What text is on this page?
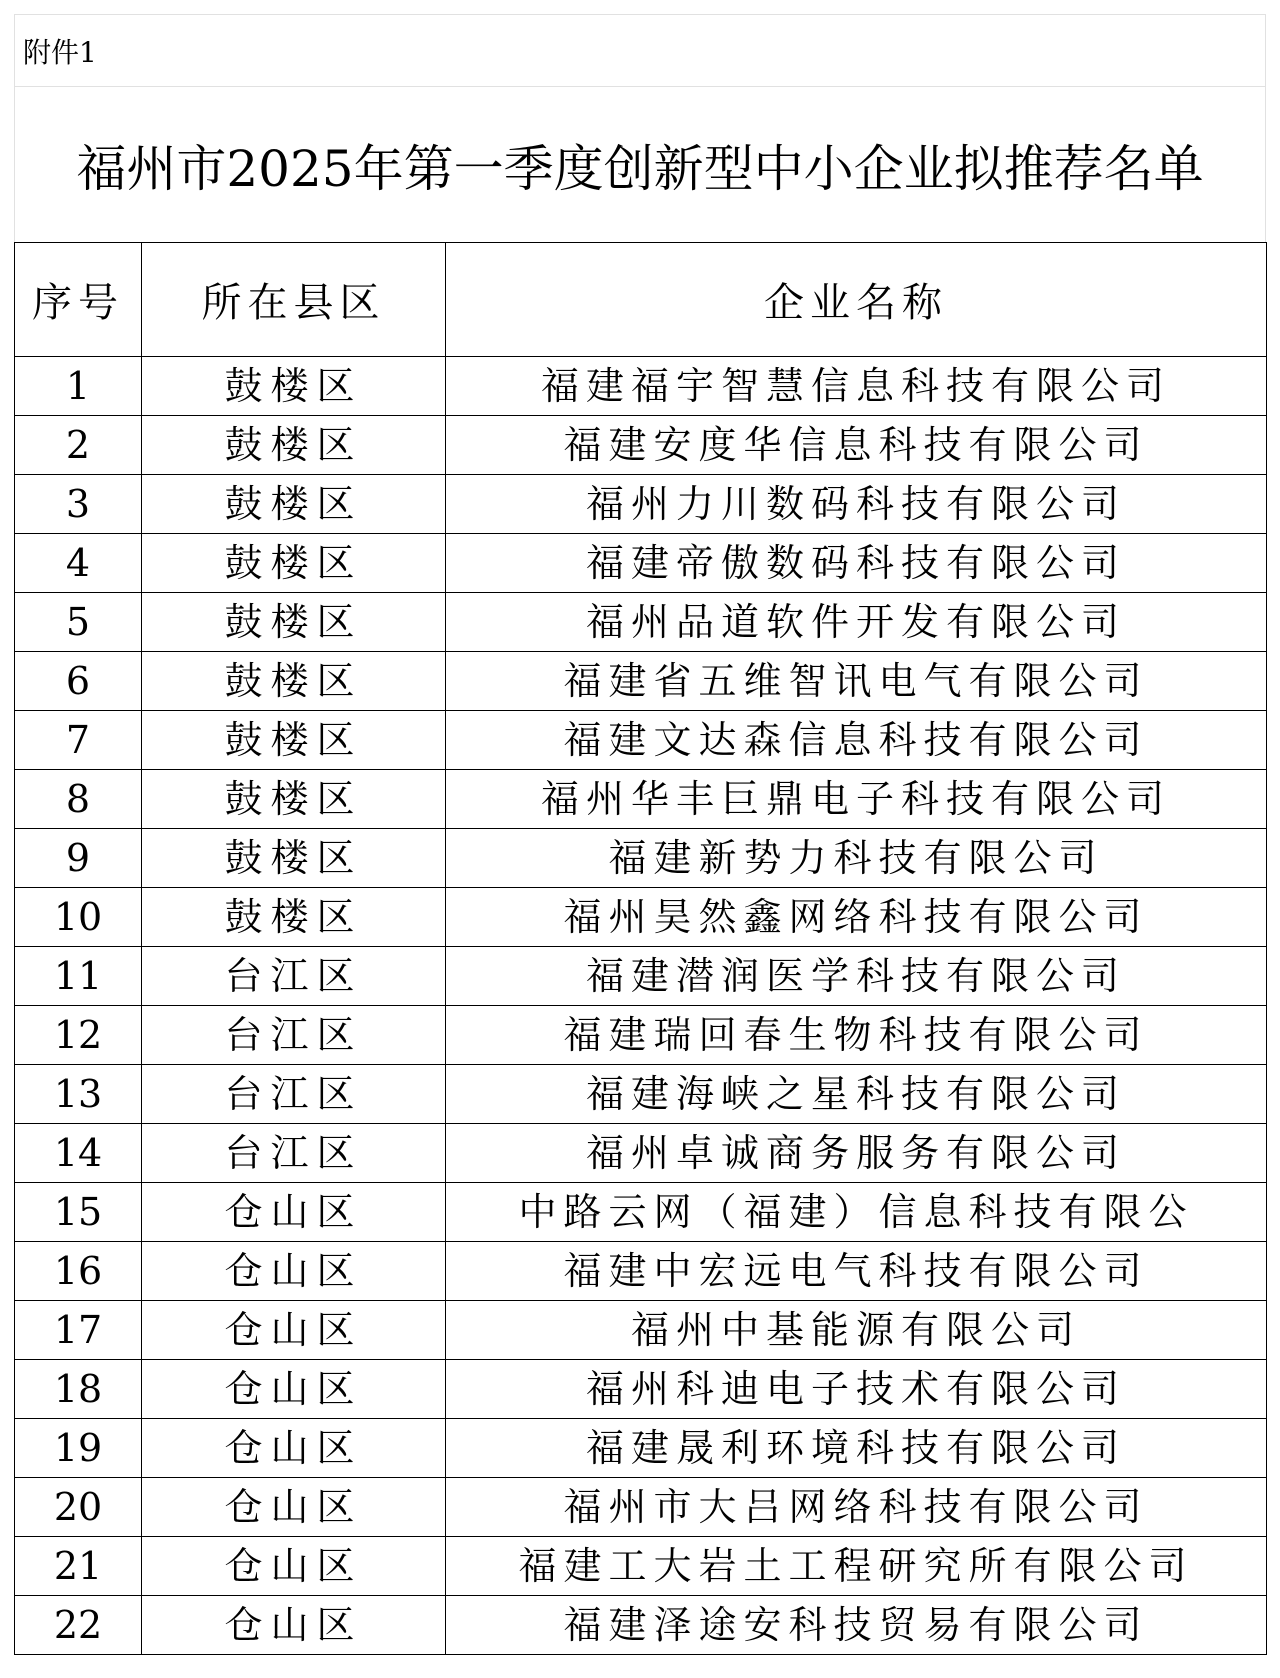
附件1
福州市2025年第一季度创新型中小企业拟推荐名单
序号	所在县区	企业名称
1	鼓楼区	福建福宇智慧信息科技有限公司
2	鼓楼区	福建安度华信息科技有限公司
3	鼓楼区	福州力川数码科技有限公司
4	鼓楼区	福建帝傲数码科技有限公司
5	鼓楼区	福州品道软件开发有限公司
6	鼓楼区	福建省五维智讯电气有限公司
7	鼓楼区	福建文达森信息科技有限公司
8	鼓楼区	福州华丰巨鼎电子科技有限公司
9	鼓楼区	福建新势力科技有限公司
10	鼓楼区	福州昊然鑫网络科技有限公司
11	台江区	福建潜润医学科技有限公司
12	台江区	福建瑞回春生物科技有限公司
13	台江区	福建海峡之星科技有限公司
14	台江区	福州卓诚商务服务有限公司
15	仓山区	中路云网（福建）信息科技有限公
16	仓山区	福建中宏远电气科技有限公司
17	仓山区	福州中基能源有限公司
18	仓山区	福州科迪电子技术有限公司
19	仓山区	福建晟利环境科技有限公司
20	仓山区	福州市大吕网络科技有限公司
21	仓山区	福建工大岩土工程研究所有限公司
22	仓山区	福建泽途安科技贸易有限公司
